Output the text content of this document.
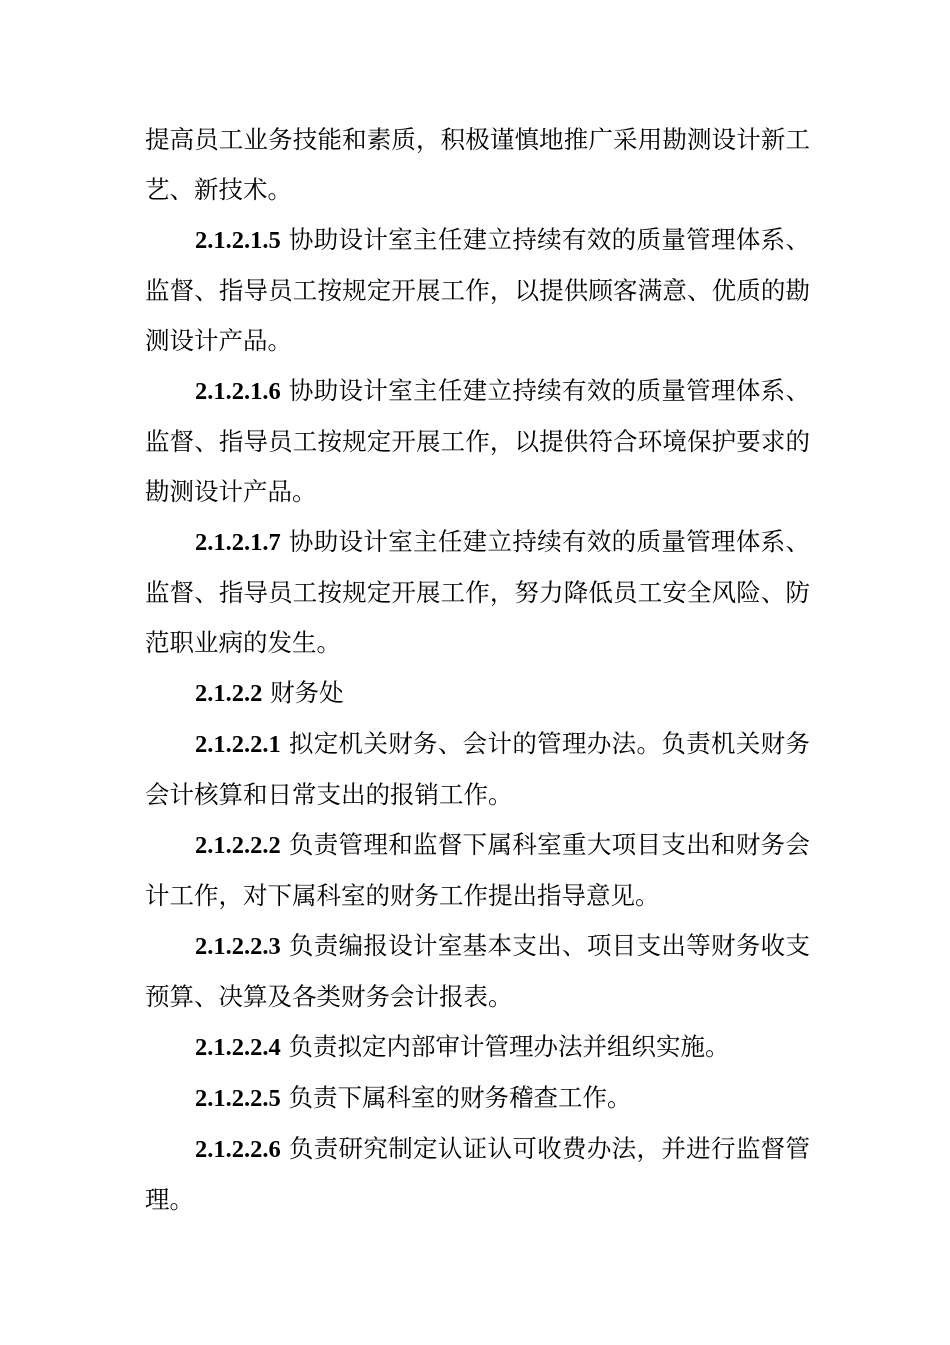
提高员工业务技能和素质，积极谨慎地推广采用勘测设计新工艺、新技术。

2.1.2.1.5 协助设计室主任建立持续有效的质量管理体系、监督、指导员工按规定开展工作，以提供顾客满意、优质的勘测设计产品。

2.1.2.1.6 协助设计室主任建立持续有效的质量管理体系、监督、指导员工按规定开展工作，以提供符合环境保护要求的勘测设计产品。

2.1.2.1.7 协助设计室主任建立持续有效的质量管理体系、监督、指导员工按规定开展工作，努力降低员工安全风险、防范职业病的发生。

2.1.2.2 财务处

2.1.2.2.1 拟定机关财务、会计的管理办法。负责机关财务会计核算和日常支出的报销工作。

2.1.2.2.2 负责管理和监督下属科室重大项目支出和财务会计工作，对下属科室的财务工作提出指导意见。

2.1.2.2.3 负责编报设计室基本支出、项目支出等财务收支预算、决算及各类财务会计报表。

2.1.2.2.4 负责拟定内部审计管理办法并组织实施。

2.1.2.2.5 负责下属科室的财务稽查工作。

2.1.2.2.6 负责研究制定认证认可收费办法，并进行监督管理。
